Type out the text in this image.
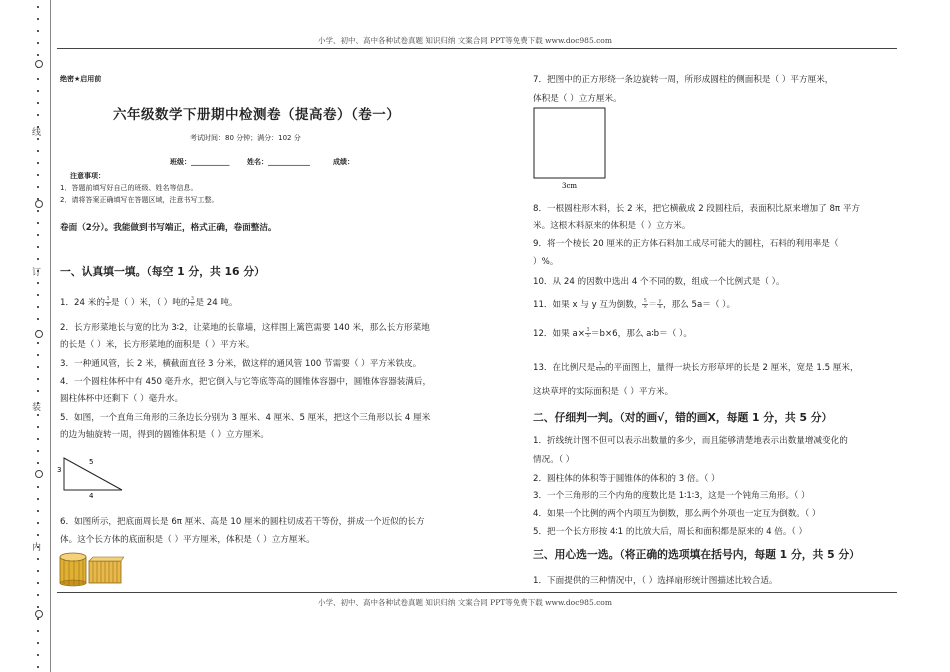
线
订
装
内
小学、初中、高中各种试卷真题 知识归纳 文案合同 PPT等免费下载 www.doc985.com
小学、初中、高中各种试卷真题 知识归纳 文案合同 PPT等免费下载 www.doc985.com
绝密★启用前
六年级数学下册期中检测卷（提高卷）（卷一）
考试时间：80 分钟；满分：102 分
班级：___________	姓名：____________	成绩：
注意事项：
1．答题前填写好自己的班级、姓名等信息。
2．请将答案正确填写在答题区域，注意书写工整。
卷面（2分）。我能做到书写端正，格式正确，卷面整洁。
一、认真填一填。（每空 1 分，共 16 分）
1．24 米的 $\frac{3}{8}$ 是（ ）米，（ ）吨的 $\frac{3}{8}$ 是 24 吨。
2．长方形菜地长与宽的比为 3∶2，让菜地的长靠墙，这样围上篱笆需要 140 米，那么长方形菜地
的长是（ ）米，长方形菜地的面积是（ ）平方米。
3．一种通风管，长 2 米，横截面直径 3 分米，做这样的通风管 100 节需要（ ）平方米铁皮。
4．一个圆柱体杯中有 450 毫升水，把它倒入与它等底等高的圆锥体容器中，圆锥体容器装满后，
圆柱体杯中还剩下（ ）毫升水。
5．如图，一个直角三角形的三条边长分别为 3 厘米、4 厘米、5 厘米，把这个三角形以长 4 厘米
的边为轴旋转一周，得到的圆锥体积是（ ）立方厘米。
3
5
4
6．如图所示，把底面周长是 6π 厘米、高是 10 厘米的圆柱切成若干等份，拼成一个近似的长方
体。这个长方体的底面积是（ ）平方厘米，体积是（ ）立方厘米。
7．把图中的正方形绕一条边旋转一周，所形成圆柱的侧面积是（ ）平方厘米，
体积是（ ）立方厘米。
3cm
8．一根圆柱形木料，长 2 米，把它横截成 2 段圆柱后，表面积比原来增加了 8π 平方
米。这根木料原来的体积是（ ）立方米。
9．将一个棱长 20 厘米的正方体石料加工成尽可能大的圆柱，石料的利用率是（
）%。
10．从 24 的因数中选出 4 个不同的数，组成一个比例式是（ ）。
11．如果 x 与 y 互为倒数， $\frac{5}{x} = \frac{y}{a}$ ，那么 5a＝（ ）。
12．如果 $a\times \frac{3}{5} =b\times 6$，那么 a∶b＝（ ）。
13．在比例尺是 $\frac{1}{400}$ 的平面图上，量得一块长方形草坪的长是 2 厘米，宽是 1.5 厘米，
这块草坪的实际面积是（ ）平方米。
二、仔细判一判。（对的画√，错的画X，每题 1 分，共 5 分）
1．折线统计图不但可以表示出数量的多少，而且能够清楚地表示出数量增减变化的
情况。（ ）
2．圆柱体的体积等于圆锥体的体积的 3 倍。（ ）
3．一个三角形的三个内角的度数比是 1∶1∶3，这是一个钝角三角形。（ ）
4．如果一个比例的两个内项互为倒数，那么两个外项也一定互为倒数。（ ）
5．把一个长方形按 4∶1 的比放大后，周长和面积都是原来的 4 倍。（ ）
三、用心选一选。（将正确的选项填在括号内，每题 1 分，共 5 分）
1．下面提供的三种情况中，（ ）选择扇形统计图描述比较合适。
